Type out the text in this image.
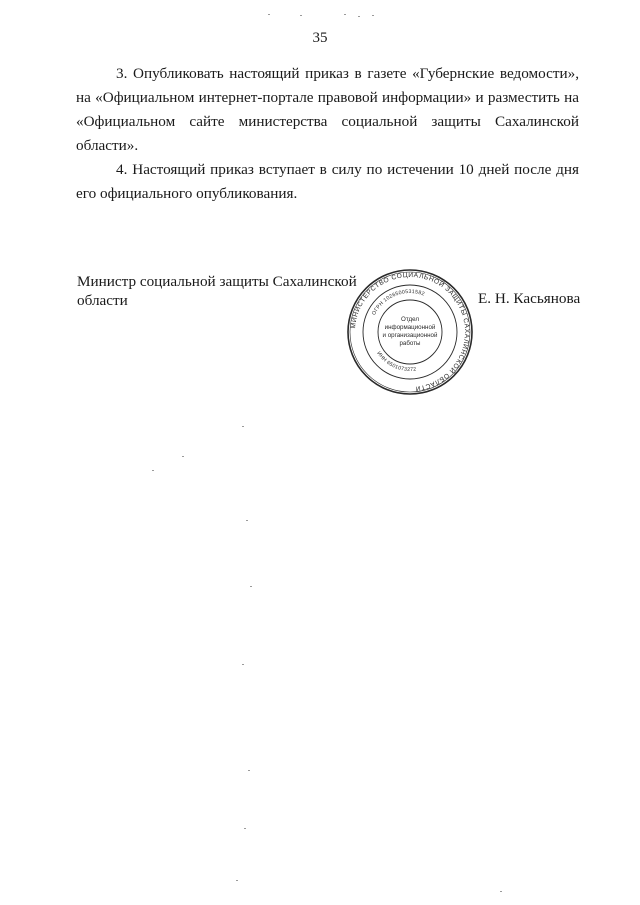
35

3. Опубликовать настоящий приказ в газете «Губернские ведомости», на «Официальном интернет-портале правовой информации» и разместить на «Официальном сайте министерства социальной защиты Сахалинской области».

4. Настоящий приказ вступает в силу по истечении 10 дней после дня его официального опубликования.

Министр социальной защиты Сахалинской области
МИНИСТЕРСТВО СОЦИАЛЬНОЙ ЗАЩИТЫ САХАЛИНСКОЙ ОБЛАСТИ
ОГРН 1026500531582
ИНН 6501073272
Отдел
информационной
и организационной
работы
Е. Н. Касьянова
